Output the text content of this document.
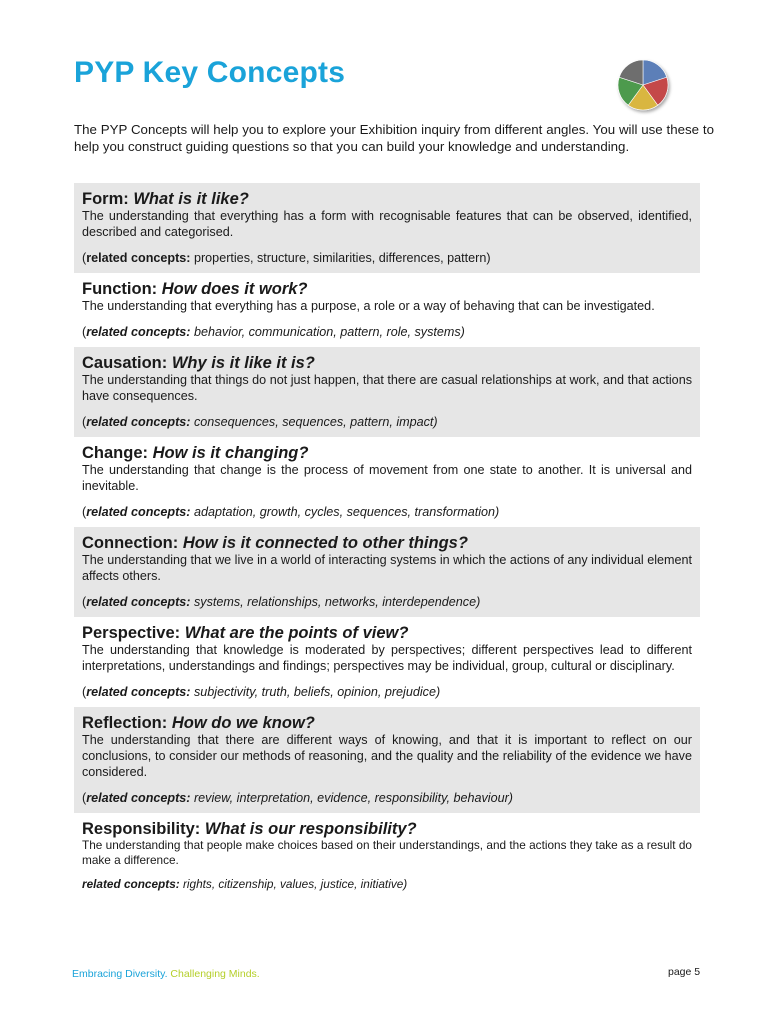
PYP Key Concepts

The PYP Concepts will help you to explore your Exhibition inquiry from different angles. You will use these to help you construct guiding questions so that you can build your knowledge and understanding.

Form: What is it like?

The understanding that everything has a form with recognisable features that can be observed, identified, described and categorised.

(related concepts: properties, structure, similarities, differences, pattern)

Function: How does it work?

The understanding that everything has a purpose, a role or a way of behaving that can be investigated.

(related concepts: behavior, communication, pattern, role, systems)

Causation: Why is it like it is?

The understanding that things do not just happen, that there are casual relationships at work, and that actions have consequences.

(related concepts: consequences, sequences, pattern, impact)

Change: How is it changing?

The understanding that change is the process of movement from one state to another. It is universal and inevitable.

(related concepts: adaptation, growth, cycles, sequences, transformation)

Connection: How is it connected to other things?

The understanding that we live in a world of interacting systems in which the actions of any individual element affects others.

(related concepts: systems, relationships, networks, interdependence)

Perspective: What are the points of view?

The understanding that knowledge is moderated by perspectives; different perspectives lead to different interpretations, understandings and findings; perspectives may be individual, group, cultural or disciplinary.

(related concepts: subjectivity, truth, beliefs, opinion, prejudice)

Reflection: How do we know?

The understanding that there are different ways of knowing, and that it is important to reflect on our conclusions, to consider our methods of reasoning, and the quality and the reliability of the evidence we have considered.

(related concepts: review, interpretation, evidence, responsibility, behaviour)

Responsibility: What is our responsibility?

The understanding that people make choices based on their understandings, and the actions they take as a result do make a difference.

related concepts: rights, citizenship, values, justice, initiative)

Embracing Diversity. Challenging Minds.	page 5
